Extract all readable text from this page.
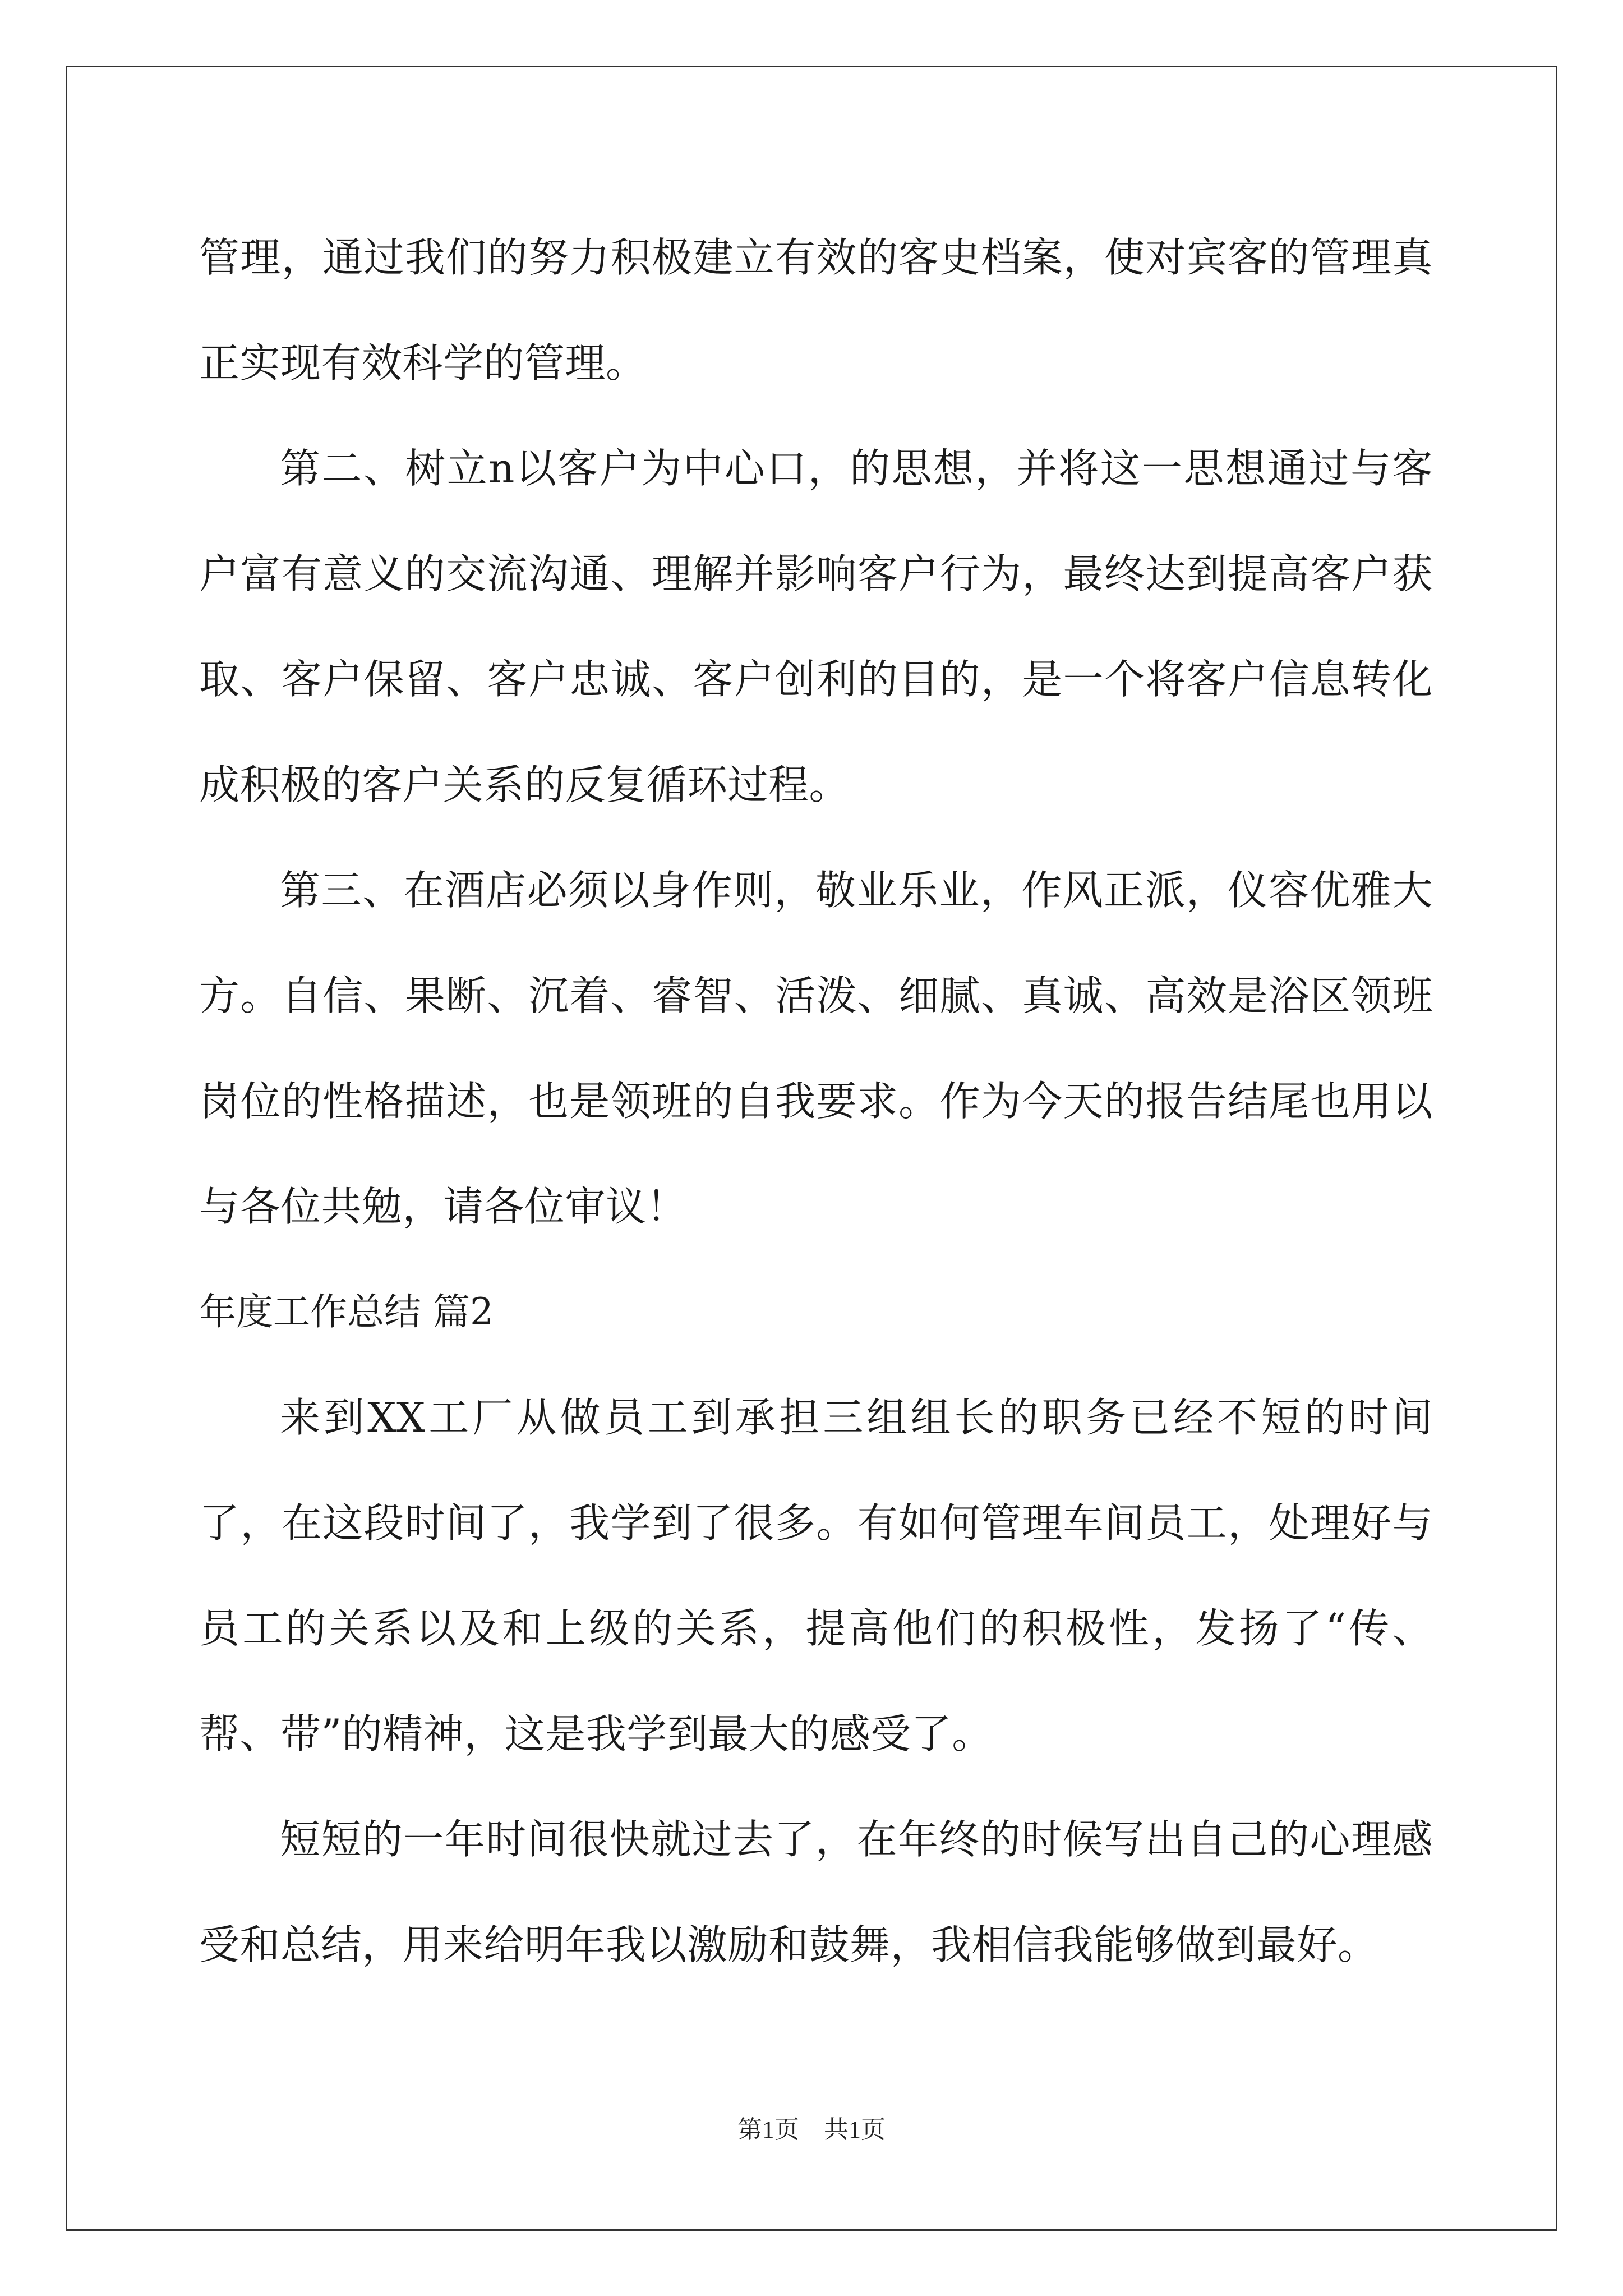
管理，通过我们的努力积极建立有效的客史档案，使对宾客的管理真正实现有效科学的管理。

第二、树立n以客户为中心口，的思想，并将这一思想通过与客户富有意义的交流沟通、理解并影响客户行为，最终达到提高客户获取、客户保留、客户忠诚、客户创利的目的，是一个将客户信息转化成积极的客户关系的反复循环过程。

第三、在酒店必须以身作则，敬业乐业，作风正派，仪容优雅大方。自信、果断、沉着、睿智、活泼、细腻、真诚、高效是浴区领班岗位的性格描述，也是领班的自我要求。作为今天的报告结尾也用以与各位共勉，请各位审议！

年度工作总结 篇2

来到XX工厂从做员工到承担三组组长的职务已经不短的时间了，在这段时间了，我学到了很多。有如何管理车间员工，处理好与员工的关系以及和上级的关系，提高他们的积极性，发扬了“传、帮、带”的精神，这是我学到最大的感受了。

短短的一年时间很快就过去了，在年终的时候写出自己的心理感受和总结，用来给明年我以激励和鼓舞，我相信我能够做到最好。

第1页　共1页
